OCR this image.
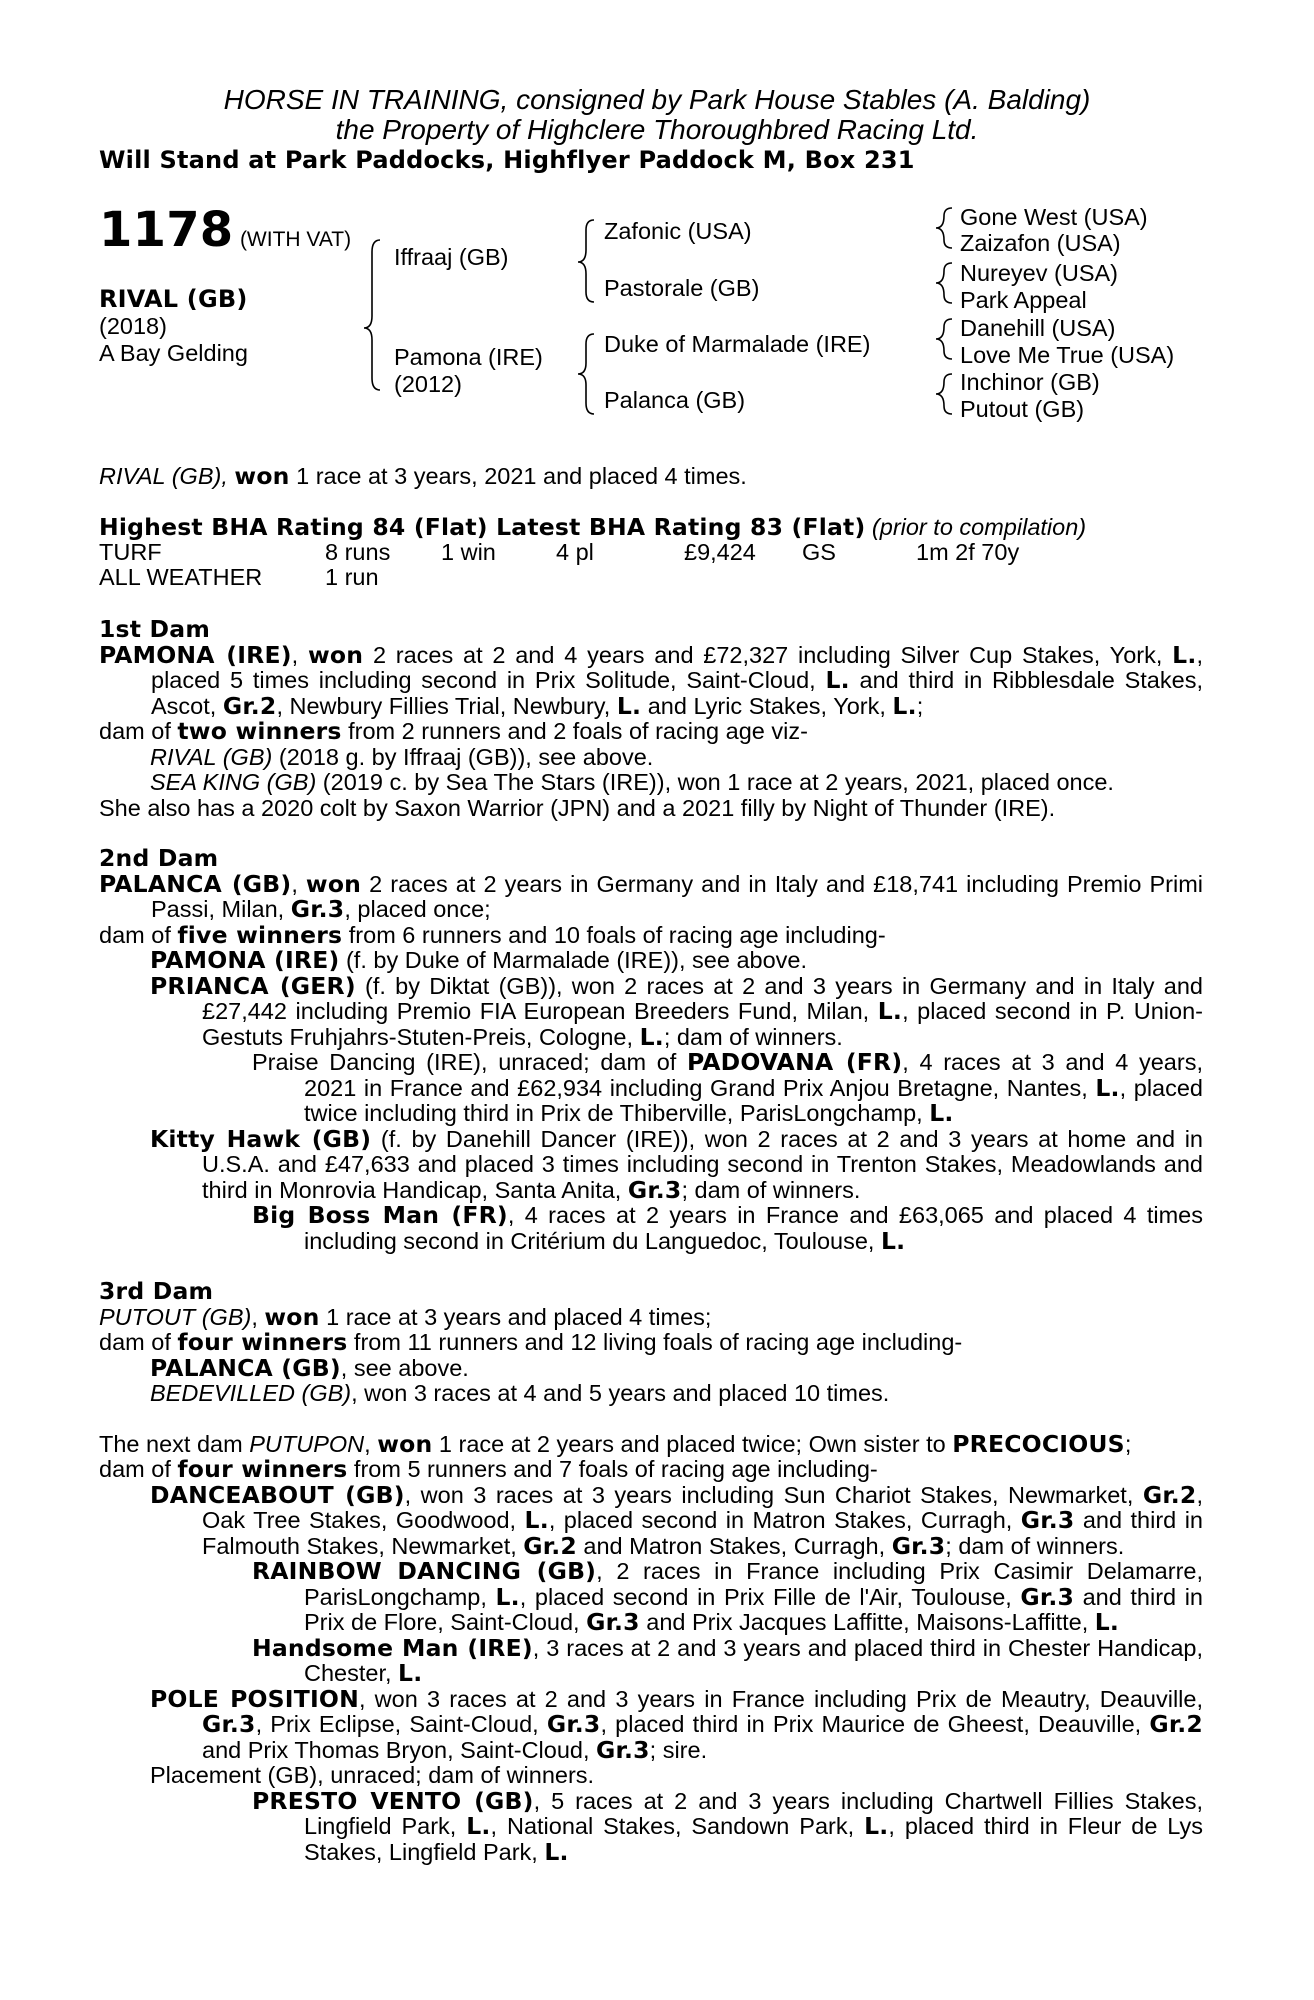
HORSE IN TRAINING, consigned by Park House Stables (A. Balding)
the Property of Highclere Thoroughbred Racing Ltd.
Will Stand at Park Paddocks, Highflyer Paddock M, Box 231
1178 (WITH VAT)
RIVAL (GB)
(2018)
A Bay Gelding
Iffraaj (GB)
Pamona (IRE)
(2012)
Zafonic (USA)
Pastorale (GB)
Duke of Marmalade (IRE)
Palanca (GB)
Gone West (USA)
Zaizafon (USA)
Nureyev (USA)
Park Appeal
Danehill (USA)
Love Me True (USA)
Inchinor (GB)
Putout (GB)
RIVAL (GB), won 1 race at 3 years, 2021 and placed 4 times.
Highest BHA Rating 84 (Flat) Latest BHA Rating 83 (Flat) (prior to compilation)
TURF	8 runs 1 win	4 pl	£9,424 GS	1m 2f 70y
ALL WEATHER	1 run

1st Dam

PAMONA (IRE), won 2 races at 2 and 4 years and £72,327 including Silver Cup Stakes, York, L., placed 5 times including second in Prix Solitude, Saint-Cloud, L. and third in Ribblesdale Stakes, Ascot, Gr.2, Newbury Fillies Trial, Newbury, L. and Lyric Stakes, York, L.;

dam of two winners from 2 runners and 2 foals of racing age viz-

RIVAL (GB) (2018 g. by Iffraaj (GB)), see above.

SEA KING (GB) (2019 c. by Sea The Stars (IRE)), won 1 race at 2 years, 2021, placed once.

She also has a 2020 colt by Saxon Warrior (JPN) and a 2021 filly by Night of Thunder (IRE).

2nd Dam

PALANCA (GB), won 2 races at 2 years in Germany and in Italy and £18,741 including Premio Primi Passi, Milan, Gr.3, placed once;

dam of five winners from 6 runners and 10 foals of racing age including-

PAMONA (IRE) (f. by Duke of Marmalade (IRE)), see above.

PRIANCA (GER) (f. by Diktat (GB)), won 2 races at 2 and 3 years in Germany and in Italy and £27,442 including Premio FIA European Breeders Fund, Milan, L., placed second in P. Union-Gestuts Fruhjahrs-Stuten-Preis, Cologne, L.; dam of winners.

Praise Dancing (IRE), unraced; dam of PADOVANA (FR), 4 races at 3 and 4 years, 2021 in France and £62,934 including Grand Prix Anjou Bretagne, Nantes, L., placed twice including third in Prix de Thiberville, ParisLongchamp, L.

Kitty Hawk (GB) (f. by Danehill Dancer (IRE)), won 2 races at 2 and 3 years at home and in U.S.A. and £47,633 and placed 3 times including second in Trenton Stakes, Meadowlands and third in Monrovia Handicap, Santa Anita, Gr.3; dam of winners.

Big Boss Man (FR), 4 races at 2 years in France and £63,065 and placed 4 times including second in Critérium du Languedoc, Toulouse, L.

3rd Dam

PUTOUT (GB), won 1 race at 3 years and placed 4 times;

dam of four winners from 11 runners and 12 living foals of racing age including-

PALANCA (GB), see above.

BEDEVILLED (GB), won 3 races at 4 and 5 years and placed 10 times.

The next dam PUTUPON, won 1 race at 2 years and placed twice; Own sister to PRECOCIOUS;

dam of four winners from 5 runners and 7 foals of racing age including-

DANCEABOUT (GB), won 3 races at 3 years including Sun Chariot Stakes, Newmarket, Gr.2, Oak Tree Stakes, Goodwood, L., placed second in Matron Stakes, Curragh, Gr.3 and third in Falmouth Stakes, Newmarket, Gr.2 and Matron Stakes, Curragh, Gr.3; dam of winners.

RAINBOW DANCING (GB), 2 races in France including Prix Casimir Delamarre, ParisLongchamp, L., placed second in Prix Fille de l'Air, Toulouse, Gr.3 and third in Prix de Flore, Saint-Cloud, Gr.3 and Prix Jacques Laffitte, Maisons-Laffitte, L.

Handsome Man (IRE), 3 races at 2 and 3 years and placed third in Chester Handicap, Chester, L.

POLE POSITION, won 3 races at 2 and 3 years in France including Prix de Meautry, Deauville, Gr.3, Prix Eclipse, Saint-Cloud, Gr.3, placed third in Prix Maurice de Gheest, Deauville, Gr.2 and Prix Thomas Bryon, Saint-Cloud, Gr.3; sire.

Placement (GB), unraced; dam of winners.

PRESTO VENTO (GB), 5 races at 2 and 3 years including Chartwell Fillies Stakes, Lingfield Park, L., National Stakes, Sandown Park, L., placed third in Fleur de Lys Stakes, Lingfield Park, L.
